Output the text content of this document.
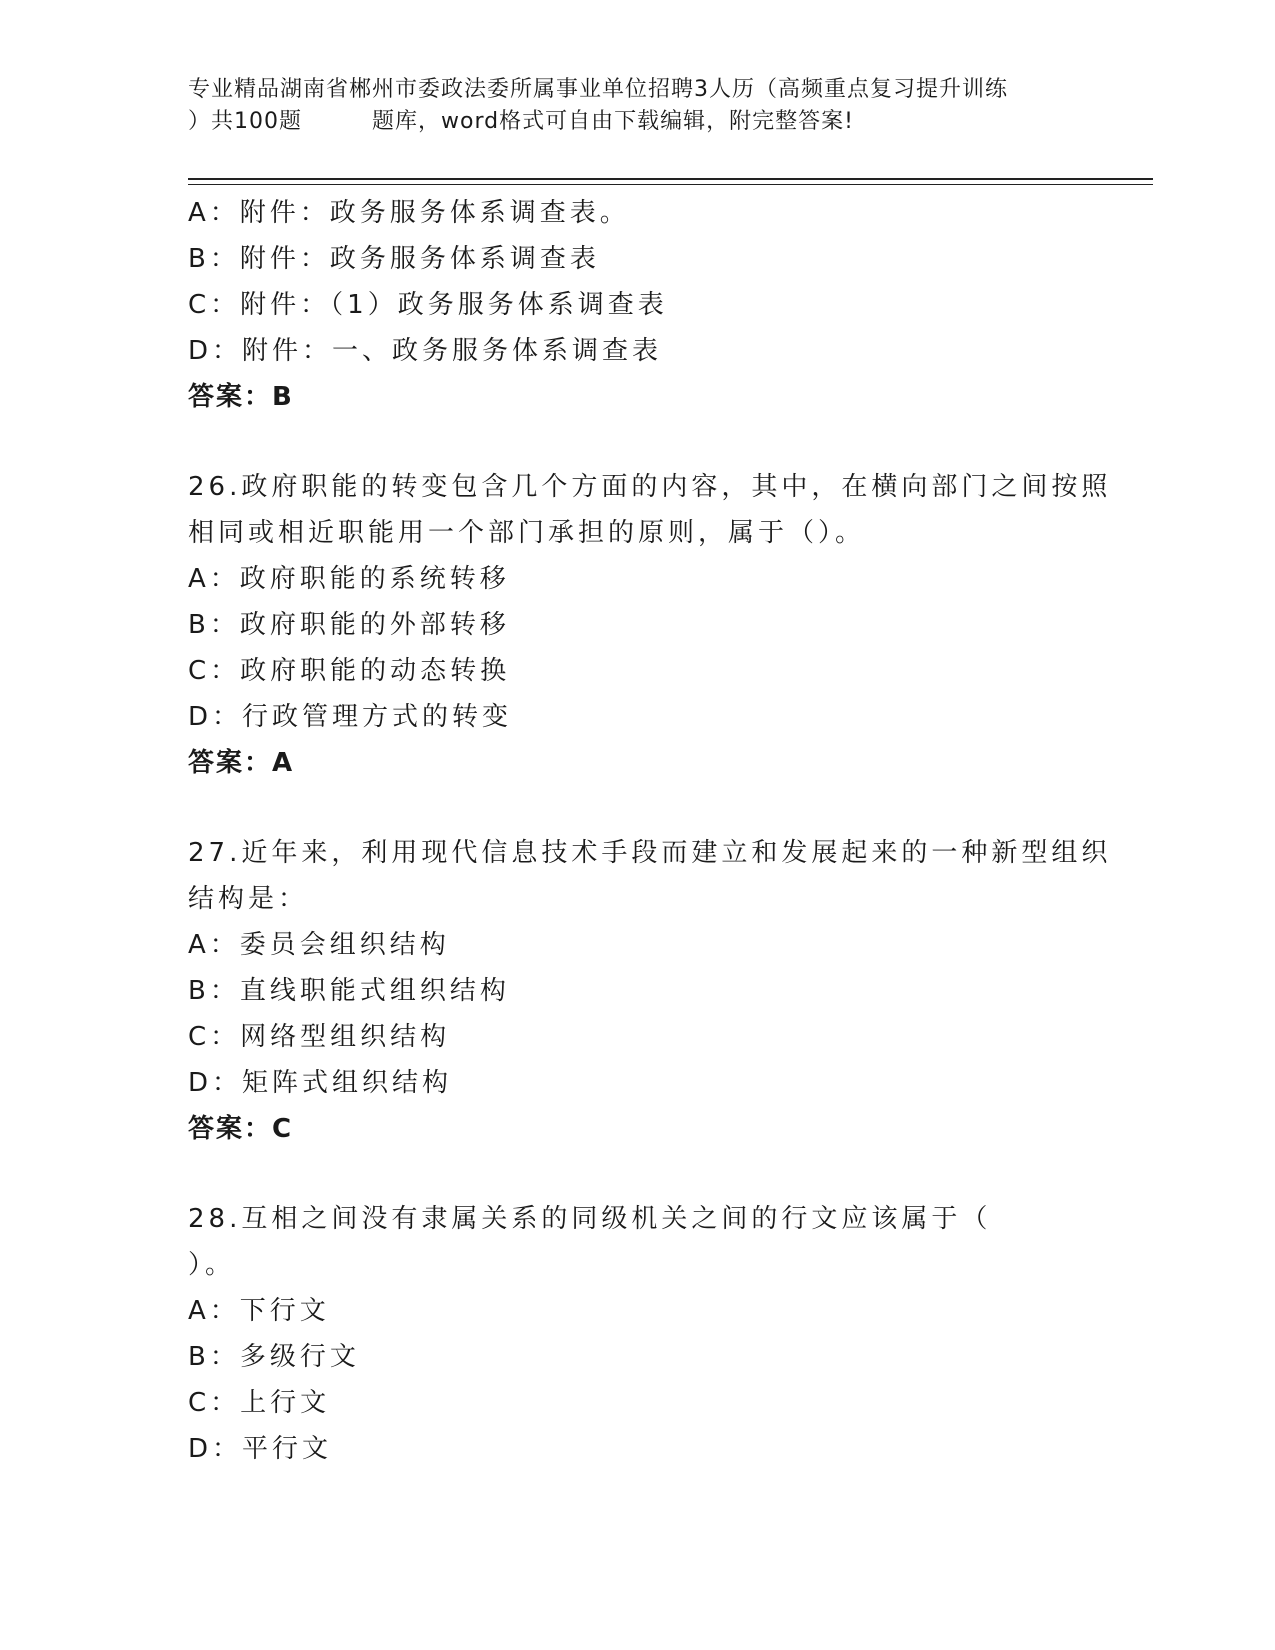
专业精品湖南省郴州市委政法委所属事业单位招聘3人历（高频重点复习提升训练
）共100题	题库，word格式可自由下载编辑，附完整答案!
A：附件：政务服务体系调查表。
B：附件：政务服务体系调查表
C：附件：（1）政务服务体系调查表
D：附件：一、政务服务体系调查表
答案：B
26.政府职能的转变包含几个方面的内容，其中，在横向部门之间按照
相同或相近职能用一个部门承担的原则，属于（）。
A：政府职能的系统转移
B：政府职能的外部转移
C：政府职能的动态转换
D：行政管理方式的转变
答案：A
27.近年来，利用现代信息技术手段而建立和发展起来的一种新型组织
结构是：
A：委员会组织结构
B：直线职能式组织结构
C：网络型组织结构
D：矩阵式组织结构
答案：C
28.互相之间没有隶属关系的同级机关之间的行文应该属于（
）。
A：下行文
B：多级行文
C：上行文
D：平行文
